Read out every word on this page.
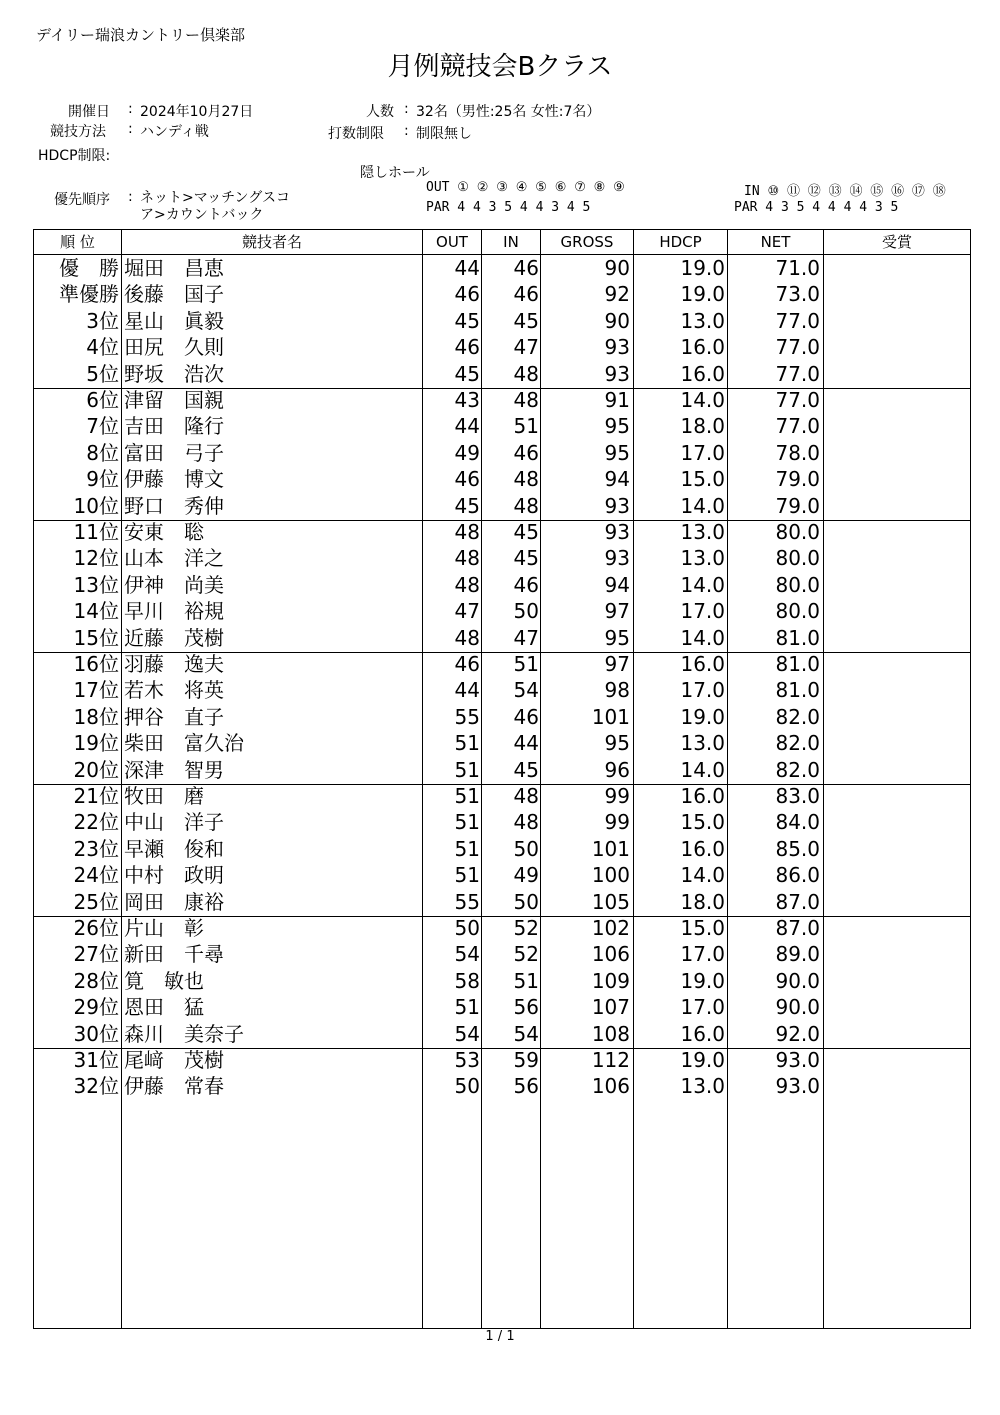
デイリー瑞浪カントリー倶楽部
月例競技会Bクラス
開催日 : 2024年10月27日
競技方法 : ハンディ戦
HDCP制限:
人数 : 32名（男性:25名 女性:7名）
打数制限 : 制限無し
隠しホール
優先順序 : ネット>マッチングスコ
ア>カウントバック
OUT ① ② ③ ④ ⑤ ⑥ ⑦ ⑧ ⑨
PAR 4 4 3 5 4 4 3 4 5
IN ⑩ ⑪ ⑫ ⑬ ⑭ ⑮ ⑯ ⑰ ⑱
PAR 4 3 5 4 4 4 4 3 5
順 位	競技者名	OUT	IN	GROSS	HDCP	NET	受賞
優　勝 堀田　昌恵	44	46	90	19.0	71.0
準優勝 後藤　国子	46	46	92	19.0	73.0
3位 星山　眞毅	45	45	90	13.0	77.0
4位 田尻　久則	46	47	93	16.0	77.0
5位 野坂　浩次	45	48	93	16.0	77.0
6位 津留　国親	43	48	91	14.0	77.0
7位 吉田　隆行	44	51	95	18.0	77.0
8位 富田　弓子	49	46	95	17.0	78.0
9位 伊藤　博文	46	48	94	15.0	79.0
10位 野口　秀伸	45	48	93	14.0	79.0
11位 安東　聡	48	45	93	13.0	80.0
12位 山本　洋之	48	45	93	13.0	80.0
13位 伊神　尚美	48	46	94	14.0	80.0
14位 早川　裕規	47	50	97	17.0	80.0
15位 近藤　茂樹	48	47	95	14.0	81.0
16位 羽藤　逸夫	46	51	97	16.0	81.0
17位 若木　将英	44	54	98	17.0	81.0
18位 押谷　直子	55	46	101	19.0	82.0
19位 柴田　富久治	51	44	95	13.0	82.0
20位 深津　智男	51	45	96	14.0	82.0
21位 牧田　磨	51	48	99	16.0	83.0
22位 中山　洋子	51	48	99	15.0	84.0
23位 早瀬　俊和	51	50	101	16.0	85.0
24位 中村　政明	51	49	100	14.0	86.0
25位 岡田　康裕	55	50	105	18.0	87.0
26位 片山　彰	50	52	102	15.0	87.0
27位 新田　千尋	54	52	106	17.0	89.0
28位 筧　敏也	58	51	109	19.0	90.0
29位 恩田　猛	51	56	107	17.0	90.0
30位 森川　美奈子	54	54	108	16.0	92.0
31位 尾﨑　茂樹	53	59	112	19.0	93.0
32位 伊藤　常春	50	56	106	13.0	93.0
1 / 1
